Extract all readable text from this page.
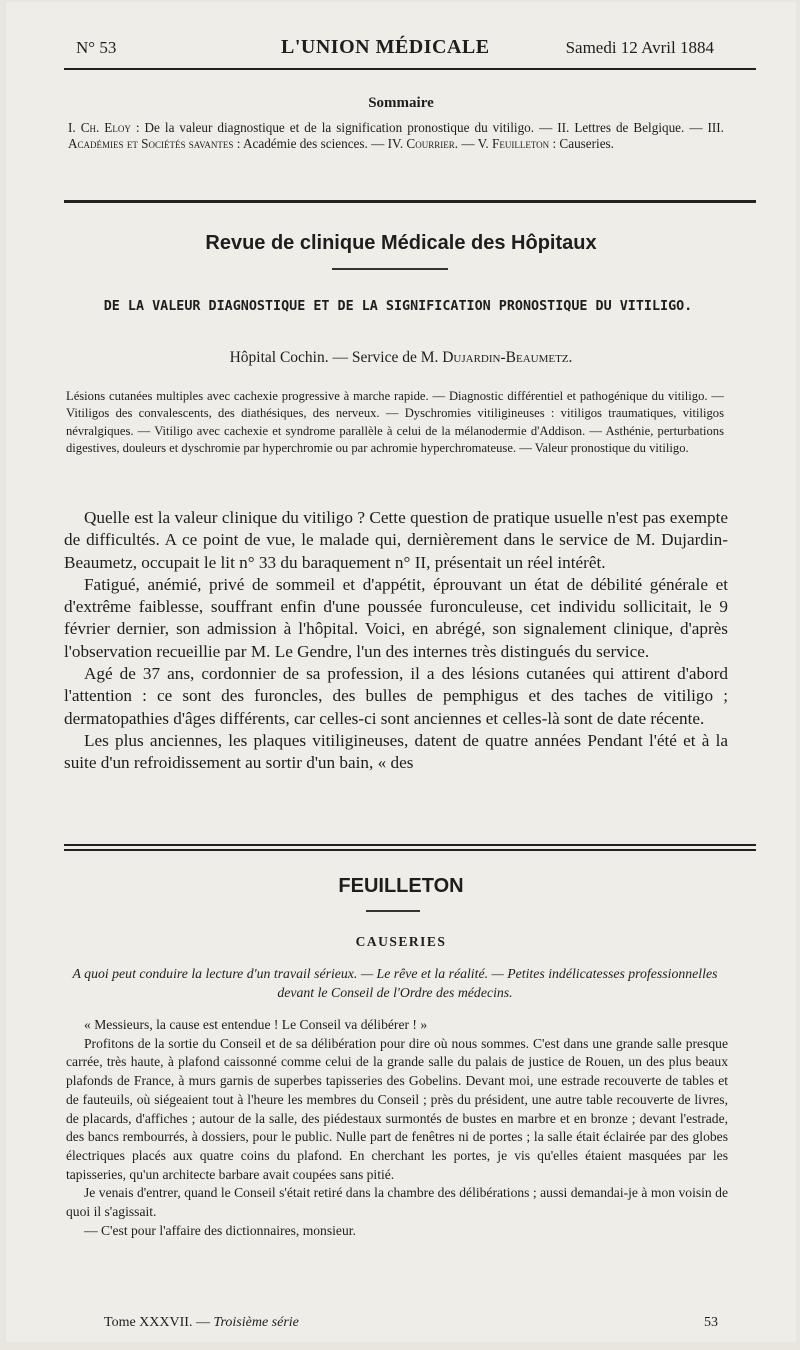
N° 53	L'UNION MÉDICALE	Samedi 12 Avril 1884
Sommaire
I. Ch. Eloy : De la valeur diagnostique et de la signification pronostique du vitiligo. — II. Lettres de Belgique. — III. Académies et Sociétés savantes : Académie des sciences. — IV. Courrier. — V. Feuilleton : Causeries.
Revue de clinique Médicale des Hôpitaux
DE LA VALEUR DIAGNOSTIQUE ET DE LA SIGNIFICATION PRONOSTIQUE DU VITILIGO.
Hôpital Cochin. — Service de M. Dujardin-Beaumetz.
Lésions cutanées multiples avec cachexie progressive à marche rapide. — Diagnostic différentiel et pathogénique du vitiligo. — Vitiligos des convalescents, des diathésiques, des nerveux. — Dyschromies vitiligineuses : vitiligos traumatiques, vitiligos névralgiques. — Vitiligo avec cachexie et syndrome parallèle à celui de la mélanodermie d'Addison. — Asthénie, perturbations digestives, douleurs et dyschromie par hyperchromie ou par achromie hyperchromateuse. — Valeur pronostique du vitiligo.

Quelle est la valeur clinique du vitiligo ? Cette question de pratique usuelle n'est pas exempte de difficultés. A ce point de vue, le malade qui, dernièrement dans le service de M. Dujardin-Beaumetz, occupait le lit n° 33 du baraquement n° II, présentait un réel intérêt.

Fatigué, anémié, privé de sommeil et d'appétit, éprouvant un état de débilité générale et d'extrême faiblesse, souffrant enfin d'une poussée furonculeuse, cet individu sollicitait, le 9 février dernier, son admission à l'hôpital. Voici, en abrégé, son signalement clinique, d'après l'observation recueillie par M. Le Gendre, l'un des internes très distingués du service.

Agé de 37 ans, cordonnier de sa profession, il a des lésions cutanées qui attirent d'abord l'attention : ce sont des furoncles, des bulles de pemphigus et des taches de vitiligo ; dermatopathies d'âges différents, car celles-ci sont anciennes et celles-là sont de date récente.

Les plus anciennes, les plaques vitiligineuses, datent de quatre années Pendant l'été et à la suite d'un refroidissement au sortir d'un bain, « des

FEUILLETON
CAUSERIES
A quoi peut conduire la lecture d'un travail sérieux. — Le rêve et la réalité. — Petites indélicatesses professionnelles devant le Conseil de l'Ordre des médecins.

« Messieurs, la cause est entendue ! Le Conseil va délibérer ! »

Profitons de la sortie du Conseil et de sa délibération pour dire où nous sommes. C'est dans une grande salle presque carrée, très haute, à plafond caissonné comme celui de la grande salle du palais de justice de Rouen, un des plus beaux plafonds de France, à murs garnis de superbes tapisseries des Gobelins. Devant moi, une estrade recouverte de tables et de fauteuils, où siégeaient tout à l'heure les membres du Conseil ; près du président, une autre table recouverte de livres, de placards, d'affiches ; autour de la salle, des piédestaux surmontés de bustes en marbre et en bronze ; devant l'estrade, des bancs rembourrés, à dossiers, pour le public. Nulle part de fenêtres ni de portes ; la salle était éclairée par des globes électriques placés aux quatre coins du plafond. En cherchant les portes, je vis qu'elles étaient masquées par les tapisseries, qu'un architecte barbare avait coupées sans pitié.

Je venais d'entrer, quand le Conseil s'était retiré dans la chambre des délibérations ; aussi demandai-je à mon voisin de quoi il s'agissait.

— C'est pour l'affaire des dictionnaires, monsieur.

Tome XXXVII. — Troisième série	53
